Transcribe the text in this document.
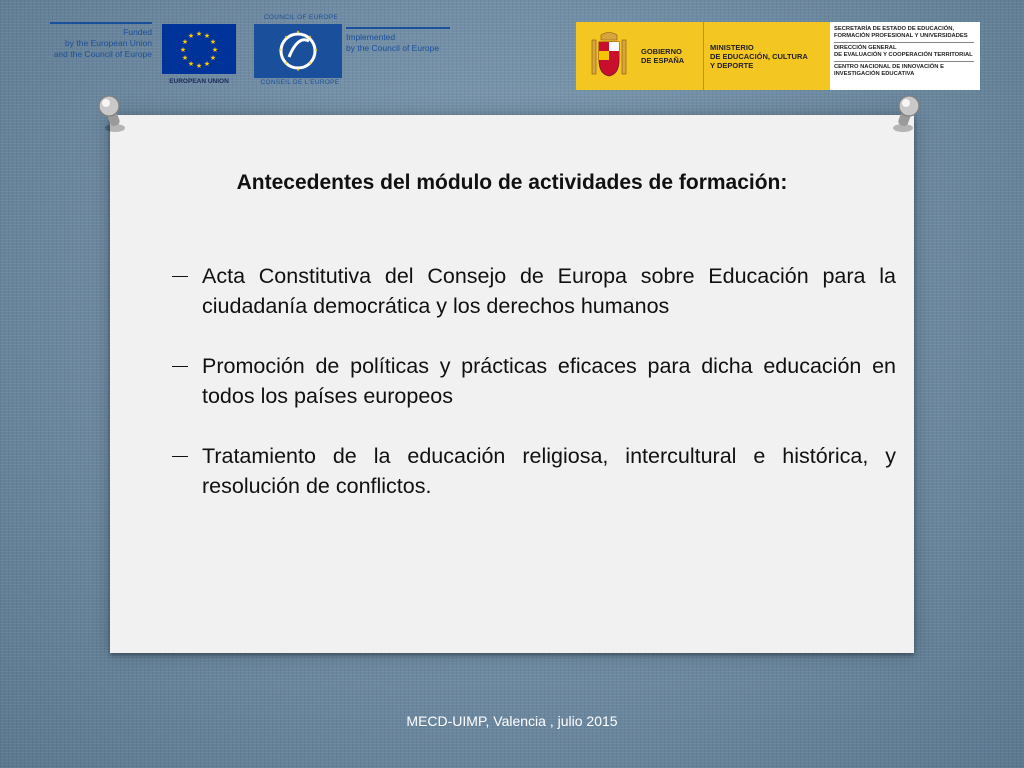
Funded
by the European Union
and the Council of Europe
★ ★
★
★
★
★
★
★
★
★
★
★
EUROPEAN UNION
COUNCIL OF EUROPE
★
★
★
★
★
★
★
★
CONSEIL DE L'EUROPE
Implemented
by the Council of Europe	GOBIERNO
DE ESPAÑA
MINISTERIO
DE EDUCACIÓN, CULTURA
Y DEPORTE
SECRETARÍA DE ESTADO DE EDUCACIÓN,
FORMACIÓN PROFESIONAL Y UNIVERSIDADES
DIRECCIÓN GENERAL
DE EVALUACIÓN Y COOPERACIÓN TERRITORIAL
CENTRO NACIONAL DE INNOVACIÓN E
INVESTIGACIÓN EDUCATIVA
Antecedentes del módulo de actividades de formación:
Acta Constitutiva del Consejo de Europa sobre Educación para la ciudadanía democrática y los derechos humanos
Promoción de políticas y prácticas eficaces para dicha educación en todos los países europeos
Tratamiento de la educación religiosa, intercultural e histórica, y resolución de conflictos.
MECD-UIMP, Valencia , julio 2015
